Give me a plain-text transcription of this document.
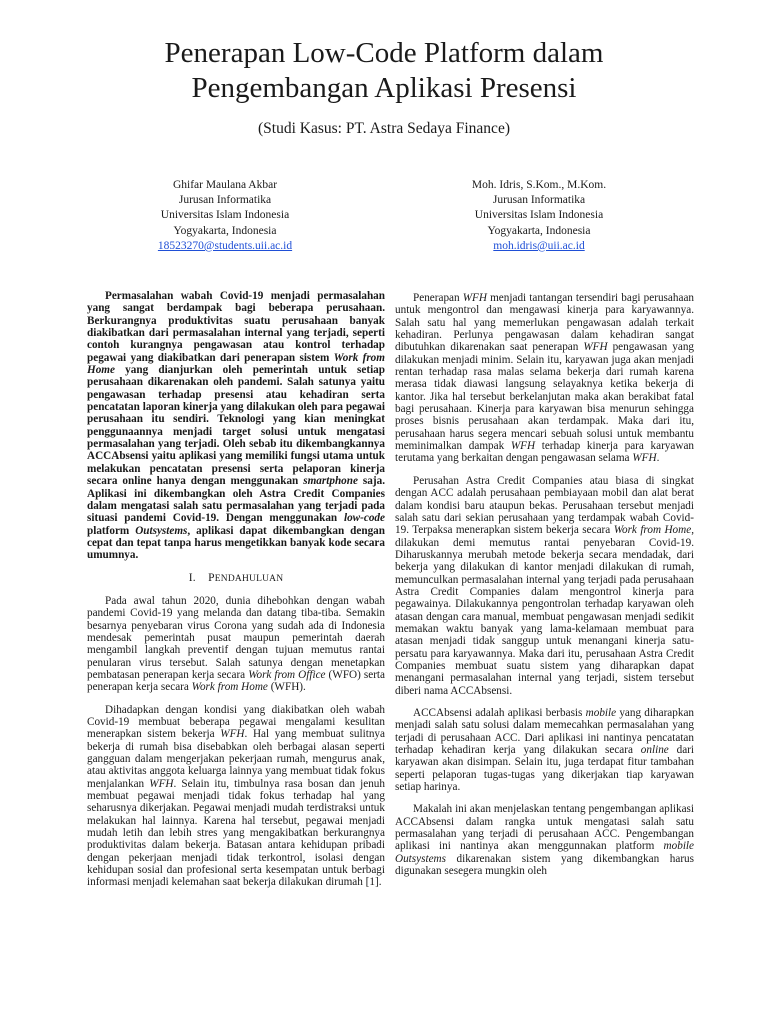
Penerapan Low-Code Platform dalam
Pengembangan Aplikasi Presensi
(Studi Kasus: PT. Astra Sedaya Finance)
Ghifar Maulana Akbar
Jurusan Informatika
Universitas Islam Indonesia
Yogyakarta, Indonesia
18523270@students.uii.ac.id
Moh. Idris, S.Kom., M.Kom.
Jurusan Informatika
Universitas Islam Indonesia
Yogyakarta, Indonesia
moh.idris@uii.ac.id

Permasalahan wabah Covid-19 menjadi permasalahan yang sangat berdampak bagi beberapa perusahaan. Berkurangnya produktivitas suatu perusahaan banyak diakibatkan dari permasalahan internal yang terjadi, seperti contoh kurangnya pengawasan atau kontrol terhadap pegawai yang diakibatkan dari penerapan sistem Work from Home yang dianjurkan oleh pemerintah untuk setiap perusahaan dikarenakan oleh pandemi. Salah satunya yaitu pengawasan terhadap presensi atau kehadiran serta pencatatan laporan kinerja yang dilakukan oleh para pegawai perusahaan itu sendiri. Teknologi yang kian meningkat penggunaannya menjadi target solusi untuk mengatasi permasalahan yang terjadi. Oleh sebab itu dikembangkannya ACCAbsensi yaitu aplikasi yang memiliki fungsi utama untuk melakukan pencatatan presensi serta pelaporan kinerja secara online hanya dengan menggunakan smartphone saja. Aplikasi ini dikembangkan oleh Astra Credit Companies dalam mengatasi salah satu permasalahan yang terjadi pada situasi pandemi Covid-19. Dengan menggunakan low-code platform Outsystems, aplikasi dapat dikembangkan dengan cepat dan tepat tanpa harus mengetikkan banyak kode secara umumnya.

I. PENDAHULUAN

Pada awal tahun 2020, dunia dihebohkan dengan wabah pandemi Covid-19 yang melanda dan datang tiba-tiba. Semakin besarnya penyebaran virus Corona yang sudah ada di Indonesia mendesak pemerintah pusat maupun pemerintah daerah mengambil langkah preventif dengan tujuan memutus rantai penularan virus tersebut. Salah satunya dengan menetapkan pembatasan penerapan kerja secara Work from Office (WFO) serta penerapan kerja secara Work from Home (WFH).

Dihadapkan dengan kondisi yang diakibatkan oleh wabah Covid-19 membuat beberapa pegawai mengalami kesulitan menerapkan sistem bekerja WFH. Hal yang membuat sulitnya bekerja di rumah bisa disebabkan oleh berbagai alasan seperti gangguan dalam mengerjakan pekerjaan rumah, mengurus anak, atau aktivitas anggota keluarga lainnya yang membuat tidak fokus menjalankan WFH. Selain itu, timbulnya rasa bosan dan jenuh membuat pegawai menjadi tidak fokus terhadap hal yang seharusnya dikerjakan. Pegawai menjadi mudah terdistraksi untuk melakukan hal lainnya. Karena hal tersebut, pegawai menjadi mudah letih dan lebih stres yang mengakibatkan berkurangnya produktivitas dalam bekerja. Batasan antara kehidupan pribadi dengan pekerjaan menjadi tidak terkontrol, isolasi dengan kehidupan sosial dan profesional serta kesempatan untuk berbagi informasi menjadi kelemahan saat bekerja dilakukan dirumah [1].

Penerapan WFH menjadi tantangan tersendiri bagi perusahaan untuk mengontrol dan mengawasi kinerja para karyawannya. Salah satu hal yang memerlukan pengawasan adalah terkait kehadiran. Perlunya pengawasan dalam kehadiran sangat dibutuhkan dikarenakan saat penerapan WFH pengawasan yang dilakukan menjadi minim. Selain itu, karyawan juga akan menjadi rentan terhadap rasa malas selama bekerja dari rumah karena merasa tidak diawasi langsung selayaknya ketika bekerja di kantor. Jika hal tersebut berkelanjutan maka akan berakibat fatal bagi perusahaan. Kinerja para karyawan bisa menurun sehingga proses bisnis perusahaan akan terdampak. Maka dari itu, perusahaan harus segera mencari sebuah solusi untuk membantu meminimalkan dampak WFH terhadap kinerja para karyawan terutama yang berkaitan dengan pengawasan selama WFH.

Perusahan Astra Credit Companies atau biasa di singkat dengan ACC adalah perusahaan pembiayaan mobil dan alat berat dalam kondisi baru ataupun bekas. Perusahaan tersebut menjadi salah satu dari sekian perusahaan yang terdampak wabah Covid-19. Terpaksa menerapkan sistem bekerja secara Work from Home, dilakukan demi memutus rantai penyebaran Covid-19. Diharuskannya merubah metode bekerja secara mendadak, dari bekerja yang dilakukan di kantor menjadi dilakukan di rumah, memunculkan permasalahan internal yang terjadi pada perusahaan Astra Credit Companies dalam mengontrol kinerja para pegawainya. Dilakukannya pengontrolan terhadap karyawan oleh atasan dengan cara manual, membuat pengawasan menjadi sedikit memakan waktu banyak yang lama-kelamaan membuat para atasan menjadi tidak sanggup untuk menangani kinerja satu-persatu para karyawannya. Maka dari itu, perusahaan Astra Credit Companies membuat suatu sistem yang diharapkan dapat menangani permasalahan internal yang terjadi, sistem tersebut diberi nama ACCAbsensi.

ACCAbsensi adalah aplikasi berbasis mobile yang diharapkan menjadi salah satu solusi dalam memecahkan permasalahan yang terjadi di perusahaan ACC. Dari aplikasi ini nantinya pencatatan terhadap kehadiran kerja yang dilakukan secara online dari karyawan akan disimpan. Selain itu, juga terdapat fitur tambahan seperti pelaporan tugas-tugas yang dikerjakan tiap karyawan setiap harinya.

Makalah ini akan menjelaskan tentang pengembangan aplikasi ACCAbsensi dalam rangka untuk mengatasi salah satu permasalahan yang terjadi di perusahaan ACC. Pengembangan aplikasi ini nantinya akan menggunnakan platform mobile Outsystems dikarenakan sistem yang dikembangkan harus digunakan sesegera mungkin oleh
